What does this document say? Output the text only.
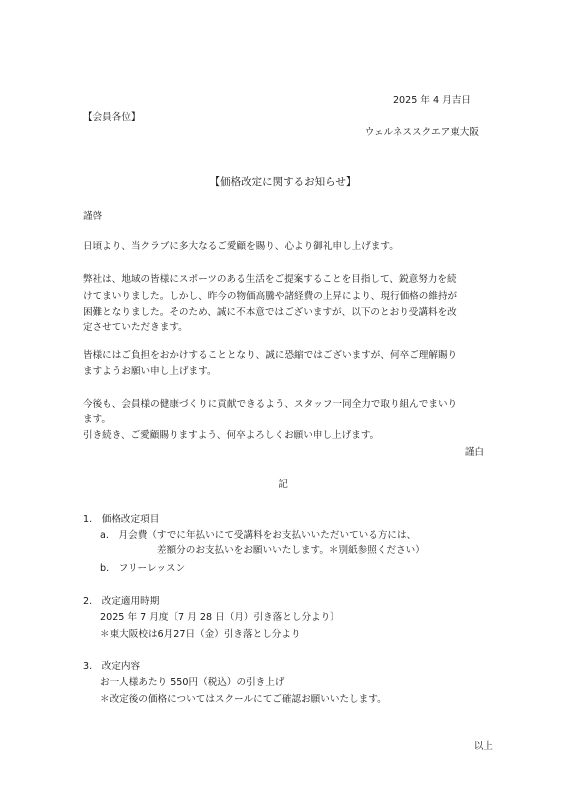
2025 年 4 月吉日
【会員各位】
ウェルネススクエア東大阪
【価格改定に関するお知らせ】
謹啓
日頃より、当クラブに多大なるご愛顧を賜り、心より御礼申し上げます。
弊社は、地域の皆様にスポーツのある生活をご提案することを目指して、鋭意努力を続
けてまいりました。しかし、昨今の物価高騰や諸経費の上昇により、現行価格の維持が
困難となりました。そのため、誠に不本意ではございますが、以下のとおり受講料を改
定させていただきます。
皆様にはご負担をおかけすることとなり、誠に恐縮ではございますが、何卒ご理解賜り
ますようお願い申し上げます。
今後も、会員様の健康づくりに貢献できるよう、スタッフ一同全力で取り組んでまいり
ます。
引き続き、ご愛顧賜りますよう、何卒よろしくお願い申し上げます。
謹白
記
1.　価格改定項目
a.　月会費（すでに年払いにて受講料をお支払いいただいている方には、
差額分のお支払いをお願いいたします。＊別紙参照ください）
b.　フリーレッスン
2.　改定適用時期
2025 年 7 月度〔7 月 28 日（月）引き落とし分より〕
＊東大阪校は6月27日（金）引き落とし分より
3.　改定内容
お一人様あたり 550円（税込）の引き上げ
＊改定後の価格についてはスクールにてご確認お願いいたします。
以上
